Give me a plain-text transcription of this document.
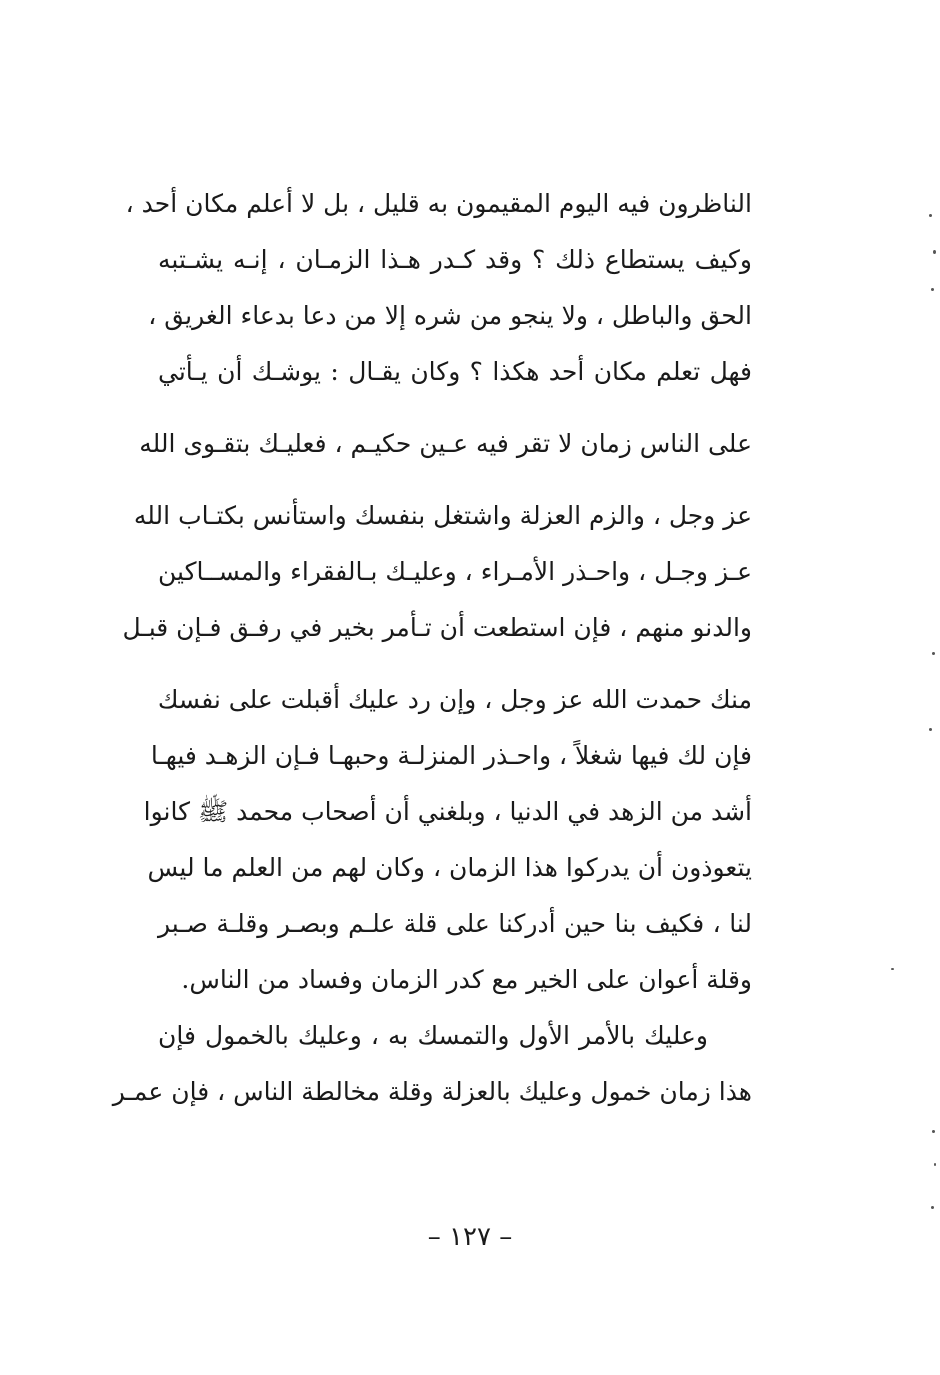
الناظرون فيه اليوم المقيمون به قليل ، بل لا أعلم مكان أحد ،
وكيف يستطاع ذلك ؟ وقد كـدر هـذا الزمـان ، إنـه يشـتبه
الحق والباطل ، ولا ينجو من شره إلا من دعا بدعاء الغريق ،
فهل تعلم مكان أحد هكذا ؟ وكان يقـال : يوشـك أن يـأتي
على الناس زمان لا تقر فيه عـين حكيـم ، فعليـك بتقـوى الله
عز وجل ، والزم العزلة واشتغل بنفسك واستأنس بكتـاب الله
عـز وجـل ، واحـذر الأمـراء ، وعليـك بـالفقراء والمســاكين
والدنو منهم ، فإن استطعت أن تـأمر بخير في رفـق فـإن قبـل
منك حمدت الله عز وجل ، وإن رد عليك أقبلت على نفسك
فإن لك فيها شغلاً ، واحـذر المنزلـة وحبهـا فـإن الزهـد فيهـا
أشد من الزهد في الدنيا ، وبلغني أن أصحاب محمد ﷺ كانوا
يتعوذون أن يدركوا هذا الزمان ، وكان لهم من العلم ما ليس
لنا ، فكيف بنا حين أدركنا على قلة علـم وبصـر وقلـة صـبر
وقلة أعوان على الخير مع كدر الزمان وفساد من الناس.
وعليك بالأمر الأول والتمسك به ، وعليك بالخمول فإن
هذا زمان خمول وعليك بالعزلة وقلة مخالطة الناس ، فإن عمـر
– ١٢٧ –
